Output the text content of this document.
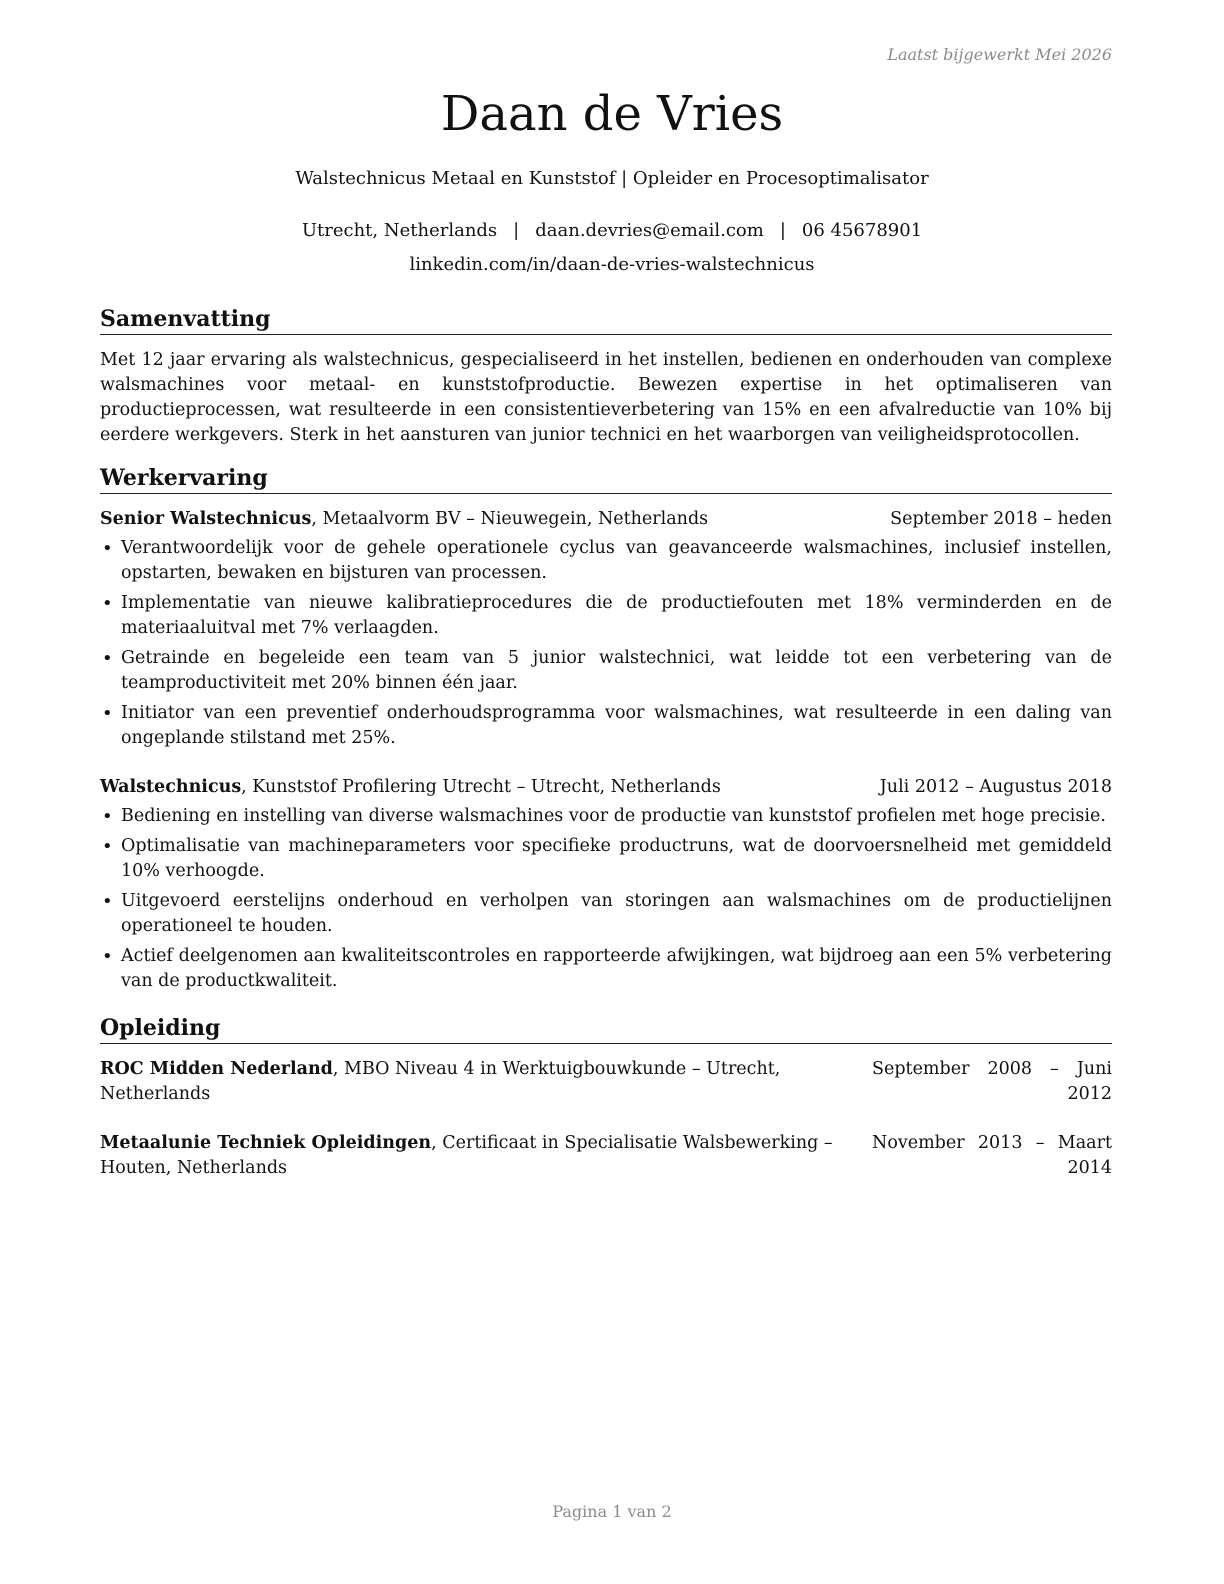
Laatst bijgewerkt Mei 2026
Daan de Vries
Walstechnicus Metaal en Kunststof | Opleider en Procesoptimalisator
Utrecht, Netherlands | daan.devries@email.com | 06 45678901
linkedin.com/in/daan-de-vries-walstechnicus
Samenvatting
Met 12 jaar ervaring als walstechnicus, gespecialiseerd in het instellen, bedienen en onderhouden van complexe walsmachines voor metaal- en kunststofproductie. Bewezen expertise in het optimaliseren van productieprocessen, wat resulteerde in een consistentieverbetering van 15% en een afvalreductie van 10% bij eerdere werkgevers. Sterk in het aansturen van junior technici en het waarborgen van veiligheidsprotocollen.
Werkervaring
Senior Walstechnicus, Metaalvorm BV – Nieuwegein, Netherlands	September 2018 – heden
• Verantwoordelijk voor de gehele operationele cyclus van geavanceerde walsmachines, inclusief instellen, opstarten, bewaken en bijsturen van processen.
• Implementatie van nieuwe kalibratieprocedures die de productiefouten met 18% verminderden en de materiaaluitval met 7% verlaagden.
• Getrainde en begeleide een team van 5 junior walstechnici, wat leidde tot een verbetering van de teamproductiviteit met 20% binnen één jaar.
• Initiator van een preventief onderhoudsprogramma voor walsmachines, wat resulteerde in een daling van ongeplande stilstand met 25%.
Walstechnicus, Kunststof Profilering Utrecht – Utrecht, Netherlands	Juli 2012 – Augustus 2018
• Bediening en instelling van diverse walsmachines voor de productie van kunststof profielen met hoge precisie.
• Optimalisatie van machineparameters voor specifieke productruns, wat de doorvoersnelheid met gemiddeld 10% verhoogde.
• Uitgevoerd eerstelijns onderhoud en verholpen van storingen aan walsmachines om de productielijnen operationeel te houden.
• Actief deelgenomen aan kwaliteitscontroles en rapporteerde afwijkingen, wat bijdroeg aan een 5% verbetering van de productkwaliteit.
Opleiding
ROC Midden Nederland, MBO Niveau 4 in Werktuigbouwkunde – Utrecht, Netherlands
September 2008 – Juni
2012
Metaalunie Techniek Opleidingen, Certificaat in Specialisatie Walsbewerking – Houten, Netherlands
November 2013 – Maart
2014
Pagina 1 van 2
